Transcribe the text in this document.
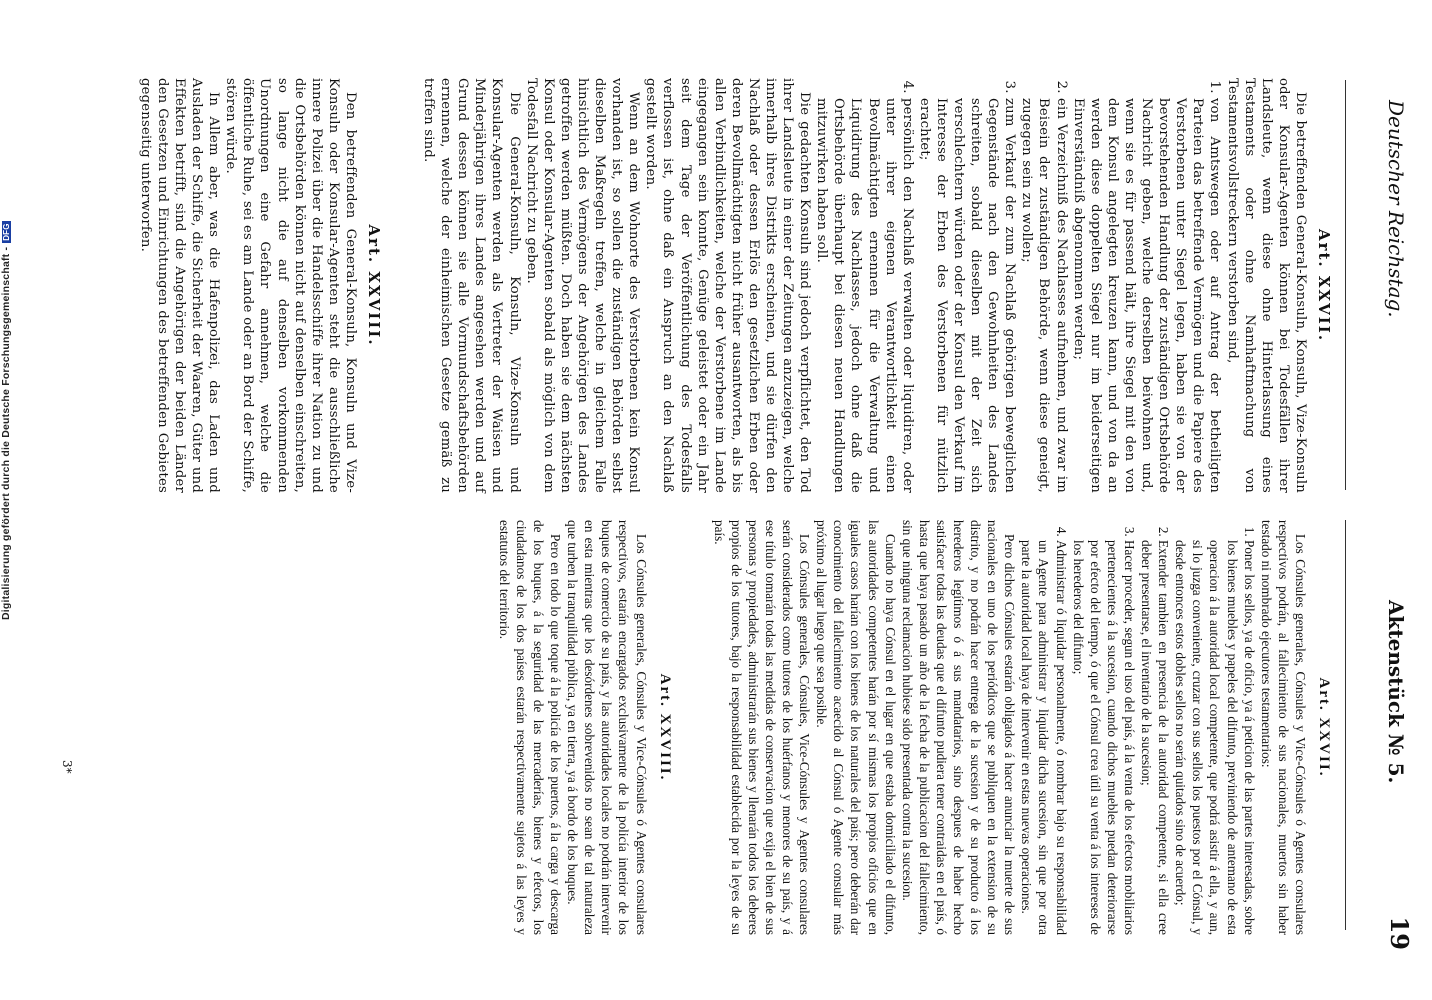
Deutscher Reichstag.
Aktenstück № 5.
19
Art. XXVII.

Die betreffenden General-Konsuln, Konsuln, Vize-Konsuln oder Konsular-Agenten können bei Todesfällen ihrer Landsleute, wenn diese ohne Hinterlassung eines Testaments oder ohne Namhaftmachung von Testamentsvollstreckern verstorben sind,

1. von Amtswegen oder auf Antrag der betheiligten Parteien das betreffende Vermögen und die Papiere des Verstorbenen unter Siegel legen, haben sie von der bevorstehenden Handlung der zuständigen Ortsbehörde Nachricht geben, welche derselben beiwohnen und, wenn sie es für passend hält, ihre Siegel mit den von dem Konsul angelegten kreuzen kann, und von da an werden diese doppelten Siegel nur im beiderseitigen Einverständniß abgenommen werden;
2. ein Verzeichniß des Nachlasses aufnehmen, und zwar im Beisein der zuständigen Behörde, wenn diese geneigt, zugegen sein zu wollen;
3. zum Verkauf der zum Nachlaß gehörigen beweglichen Gegenstände nach den Gewohnheiten des Landes schreiten, sobald dieselben mit der Zeit sich verschlechtern würden oder der Konsul den Verkauf im Interesse der Erben des Verstorbenen für nützlich erachtet;
4. persönlich den Nachlaß verwalten oder liquidiren, oder unter ihrer eigenen Verantwortlichkeit einen Bevollmächtigten ernennen für die Verwaltung und Liquidirung des Nachlasses, jedoch ohne daß die Ortsbehörde überhaupt bei diesen neuen Handlungen mitzuwirken haben soll.

Die gedachten Konsuln sind jedoch verpflichtet, den Tod ihrer Landsleute in einer der Zeitungen anzuzeigen, welche innerhalb ihres Distrikts erscheinen, und sie dürfen den Nachlaß oder dessen Erlös den gesetzlichen Erben oder deren Bevollmächtigten nicht früher ausantworten, als bis allen Verbindlichkeiten, welche der Verstorbene im Lande eingegangen sein konnte, Genüge geleistet oder ein Jahr seit dem Tage der Veröffentlichung des Todesfalls verflossen ist, ohne daß ein Anspruch an den Nachlaß gestellt worden.

Wenn an dem Wohnorte des Verstorbenen kein Konsul vorhanden ist, so sollen die zuständigen Behörden selbst dieselben Maßregeln treffen, welche in gleichem Falle hinsichtlich des Vermögens der Angehörigen des Landes getroffen werden müßten. Doch haben sie dem nächsten Konsul oder Konsular-Agenten sobald als möglich von dem Todesfall Nachricht zu geben.

Die General-Konsuln, Konsuln, Vize-Konsuln und Konsular-Agenten werden als Vertreter der Waisen und Minderjährigen ihres Landes angesehen werden und auf Grund dessen können sie alle Vormundschaftsbehörden ernennen, welche der einheimischen Gesetze gemäß zu treffen sind.

Art. XXVIII.

Den betreffenden General-Konsuln, Konsuln und Vize-Konsuln oder Konsular-Agenten steht die ausschließliche innere Polizei über die Handelsschiffe ihrer Nation zu und die Ortsbehörden können nicht auf denselben einschreiten, so lange nicht die auf denselben vorkommenden Unordnungen eine Gefahr annehmen, welche die öffentliche Ruhe, sei es am Lande oder an Bord der Schiffe, stören würde.

In Allem aber, was die Hafenpolizei, das Laden und Ausladen der Schiffe, die Sicherheit der Waaren, Güter und Effekten betrifft, sind die Angehörigen der beiden Länder den Gesetzen und Einrichtungen des betreffenden Gebietes gegenseitig unterworfen.

Art. XXVII.

Los Cónsules generales, Cónsules y Vice-Cónsules ó Agentes consulares respectivos podrán, al fallecimiento de sus nacionales, muertos sin haber testado ni nombrado ejecutores testamentarios:

1. Poner los sellos, ya de oficio, ya á peticion de las partes interesadas, sobre los bienes muebles y papeles del difunto, previniendo de antemano de esta operacion á la autoridad local competente, que podrá asistir á ella, y aun, si lo juzga conveniente, cruzar con sus sellos los puestos por el Cónsul, y desde entonces estos dobles sellos no serán quitados sino de acuerdo;
2. Extender tambien en presencia de la autoridad competente, si ella cree deber presentarse, el inventario de la sucesion;
3. Hacer proceder, segun el uso del país, á la venta de los efectos mobiliarios pertenecientes á la sucesion, cuando dichos muebles puedan deteriorarse por efecto del tiempo, ó que el Cónsul crea útil su venta á los intereses de los herederos del difunto;
4. Administrar ó liquidar personalmente, ó nombrar bajo su responsabilidad un Agente para administrar y liquidar dicha sucesion, sin que por otra parte la autoridad local haya de intervenir en estas nuevas operaciones.

Pero dichos Cónsules estarán obligados á hacer anunciar la muerte de sus nacionales en uno de los periódicos que se publiquen en la extension de su distrito, y no podrán hacer entrega de la sucesion y de su producto á los herederos legítimos ó á sus mandatarios, sino despues de haber hecho satisfacer todas las deudas que el difunto pudiera tener contraidas en el país, ó hasta que haya pasado un año de la fecha de la publicacion del fallecimiento, sin que ninguna reclamacion hubiese sido presentada contra la sucesion.

Cuando no haya Cónsul en el lugar en que estaba domiciliado el difunto, las autoridades competentes harán por sí mismas los propios oficios que en iguales casos harían con los bienes de los naturales del país; pero deberán dar conocimiento del fallecimiento acaecido al Cónsul ó Agente consular más próximo al lugar luego que sea posible.

Los Cónsules generales, Cónsules, Vice-Cónsules y Agentes consulares serán considerados como tutores de los huérfanos y menores de su país, y á ese título tomarán todas las medidas de conservacion que exija el bien de sus personas y propiedades, administrarán sus bienes y llenarán todos los deberes propios de los tutores, bajo la responsabilidad establecida por la leyes de su país.

Art. XXVIII.

Los Cónsules generales, Cónsules y Vice-Cónsules ó Agentes consulares respectivos, estarán encargados exclusivamente de la policía interior de los buques de comercio de su país, y las autoridades locales no podrán intervenir en esta mientras que los desórdenes sobrevenidos no sean de tal naturaleza que turben la tranquilidad pública, ya en tierra, ya á bordo de los buques.

Pero en todo lo que toque á la policía de los puertos, á la carga y descarga de los buques, á la seguridad de las mercaderías, bienes y efectos, los ciudadanos de los dos países estarán respectivamente sujetos á las leyes y estatutos del territorio.

3*
Digitalisierung gefördert durch die Deutsche Forschungsgemeinschaft -DFG
